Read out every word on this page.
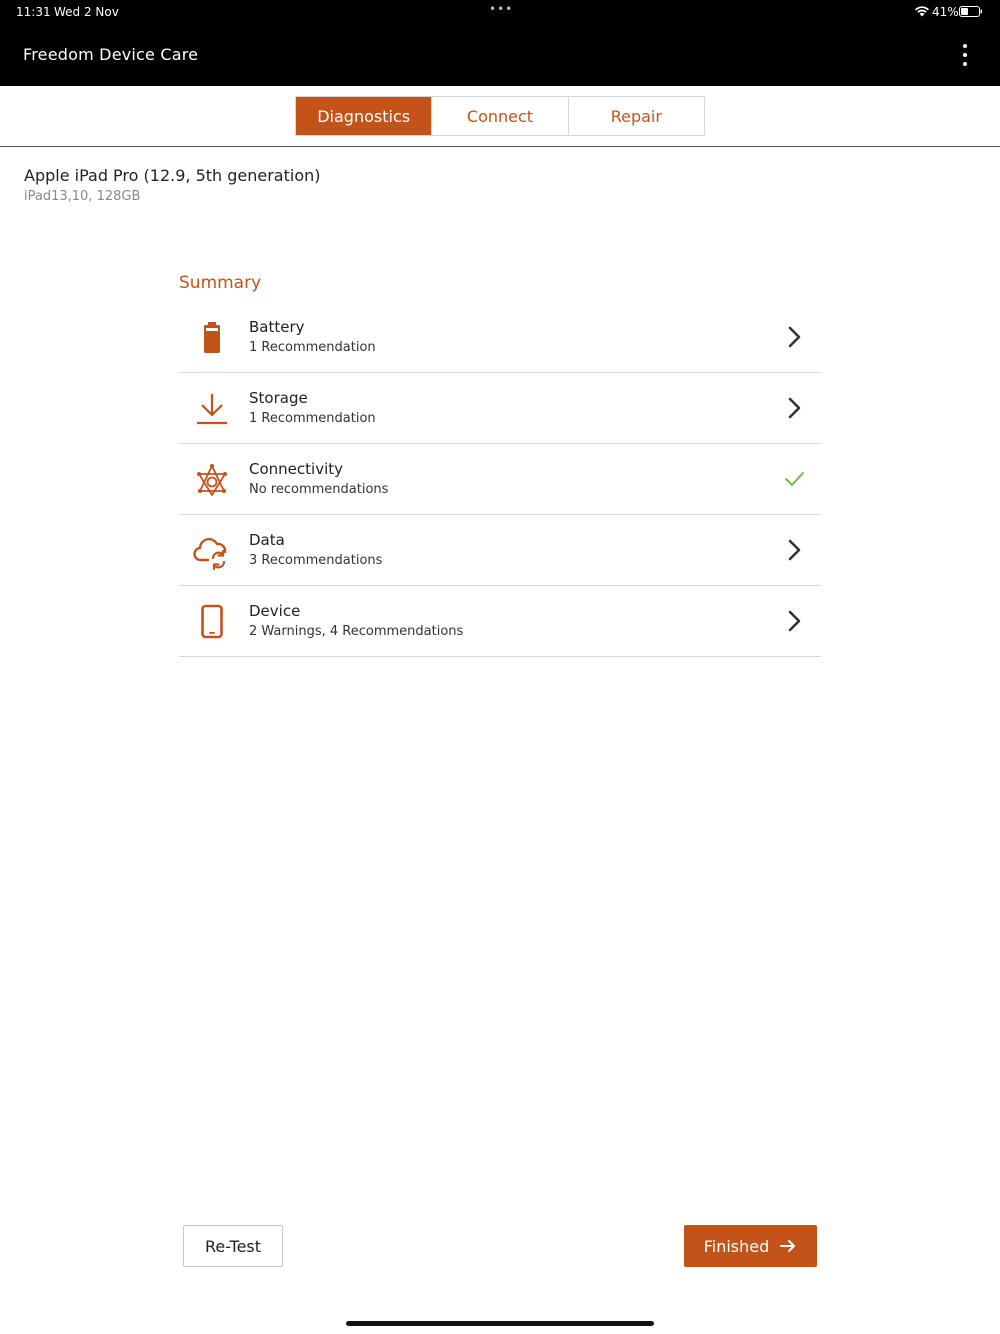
11:31 Wed 2 Nov	•••	41%
Freedom Device Care
Diagnostics	Connect	Repair
Apple iPad Pro (12.9, 5th generation)
iPad13,10, 128GB
Summary
Battery
1 Recommendation
Storage
1 Recommendation
Connectivity
No recommendations
Data
3 Recommendations
Device
2 Warnings, 4 Recommendations
Re-Test	Finished
